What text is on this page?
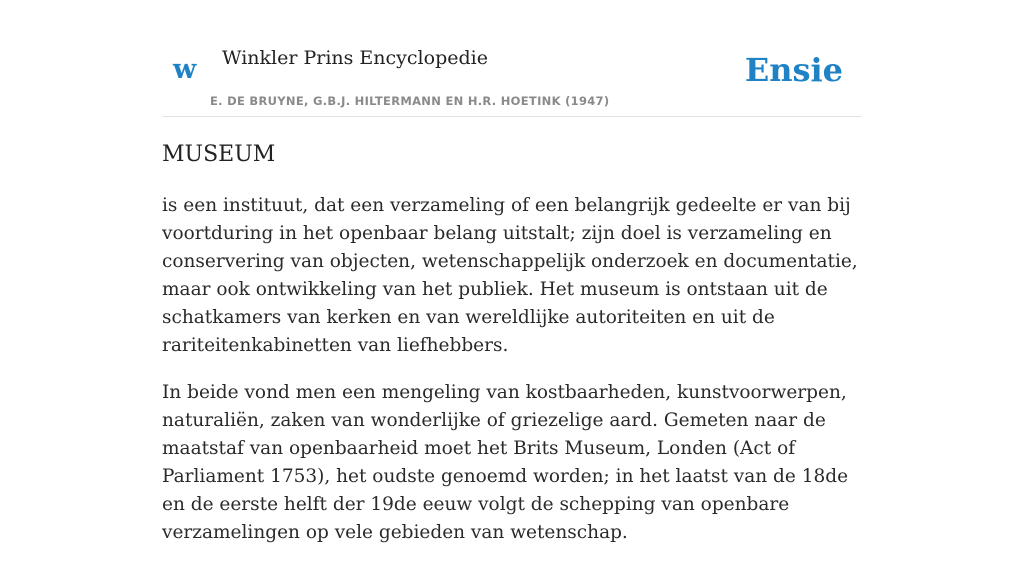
w Winkler Prins Encyclopedie
E. DE BRUYNE, G.B.J. HILTERMANN EN H.R. HOETINK (1947)
Ensie
MUSEUM

is een instituut, dat een verzameling of een belangrijk gedeelte er van bij voortduring in het openbaar belang uitstalt; zijn doel is verzameling en conservering van objecten, wetenschappelijk onderzoek en documentatie, maar ook ontwikkeling van het publiek. Het museum is ontstaan uit de schatkamers van kerken en van wereldlijke autoriteiten en uit de rariteitenkabinetten van liefhebbers.

In beide vond men een mengeling van kostbaarheden, kunstvoorwerpen, naturaliën, zaken van wonderlijke of griezelige aard. Gemeten naar de maatstaf van openbaarheid moet het Brits Museum, Londen (Act of Parliament 1753), het oudste genoemd worden; in het laatst van de 18de en de eerste helft der 19de eeuw volgt de schepping van openbare verzamelingen op vele gebieden van wetenschap.
